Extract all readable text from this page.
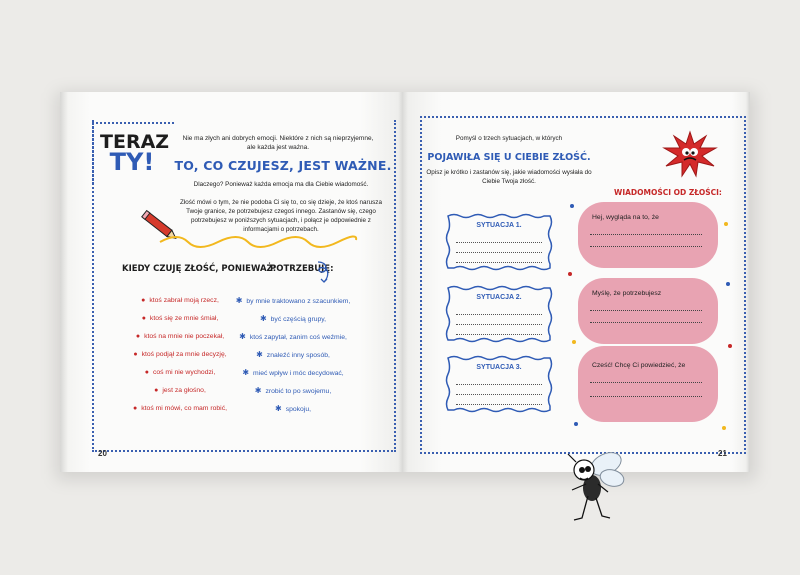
TERAZ
TY!
Nie ma złych ani dobrych emocji. Niektóre z nich są nieprzyjemne, ale każda jest ważna.
TO, CO CZUJESZ, JEST WAŻNE.
Dlaczego? Ponieważ każda emocja ma dla Ciebie wiadomość.
Złość mówi o tym, że nie podoba Ci się to, co się dzieje, że ktoś narusza Twoje granice, że potrzebujesz czegoś innego. Zastanów się, czego potrzebujesz w poniższych sytuacjach, i połącz je odpowiednie z informacjami o potrzebach.
KIEDY CZUJĘ ZŁOŚĆ, PONIEWAŻ:
POTRZEBUJĘ:
● ktoś zabrał moją rzecz,
● ktoś się ze mnie śmiał,
● ktoś na mnie nie poczekał,
● ktoś podjął za mnie decyzję,
● coś mi nie wychodzi,
● jest za głośno,
● ktoś mi mówi, co mam robić,
✱ by mnie traktowano z szacunkiem,
✱ być częścią grupy,
✱ ktoś zapytał, zanim coś weźmie,
✱ znaleźć inny sposób,
✱ mieć wpływ i móc decydować,
✱ zrobić to po swojemu,
✱ spokoju,
20
Pomyśl o trzech sytuacjach, w których
POJAWIŁA SIĘ U CIEBIE ZŁOŚĆ.
Opisz je krótko i zastanów się, jakie wiadomości wysłała do Ciebie Twoja złość.
WIADOMOŚCI OD ZŁOŚCI:
SYTUACJA 1.
SYTUACJA 2.
SYTUACJA 3.
Hej, wygląda na to, że
Myślę, że potrzebujesz
Cześć! Chcę Ci powiedzieć, że
21
